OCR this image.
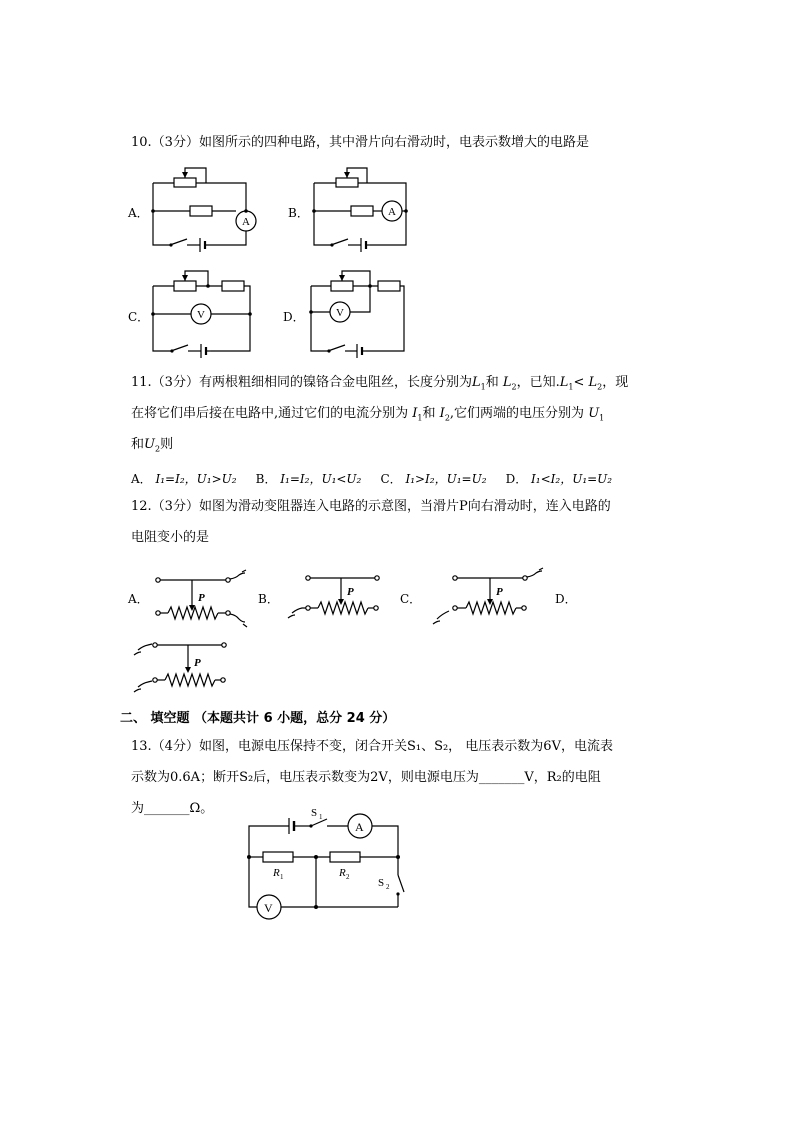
10.（3分）如图所示的四种电路，其中滑片向右滑动时，电表示数增大的电路是
A．
A
B．	A
C．	V	D．	V
11.（3分）有两根粗细相同的镍铬合金电阻丝，长度分别为$L_1$和 $L_2$，已知$.L_1< L_2$，现
在将它们串后接在电路中,通过它们的电流分别为 $I_1$和 $I_2$,它们两端的电压分别为 $U_1$
和$U_2$则
A． I₁=I₂，U₁>U₂ B． I₁=I₂，U₁<U₂ C． I₁>I₂，U₁=U₂ D． I₁<I₂，U₁=U₂
12.（3分）如图为滑动变阻器连入电路的示意图，当滑片P向右滑动时，连入电路的
电阻变小的是
A．	B．	C．	D．
P	P	P
P
二、 填空题 （本题共计 6 小题，总分 24 分）
13.（4分）如图，电源电压保持不变，闭合开关S₁、S₂， 电压表示数为6V，电流表
示数为0.6A；断开S₂后，电压表示数变为2V，则电源电压为_______V，R₂的电阻
为_______Ω。
A
S 1
R 1	R 2	S 2
V
